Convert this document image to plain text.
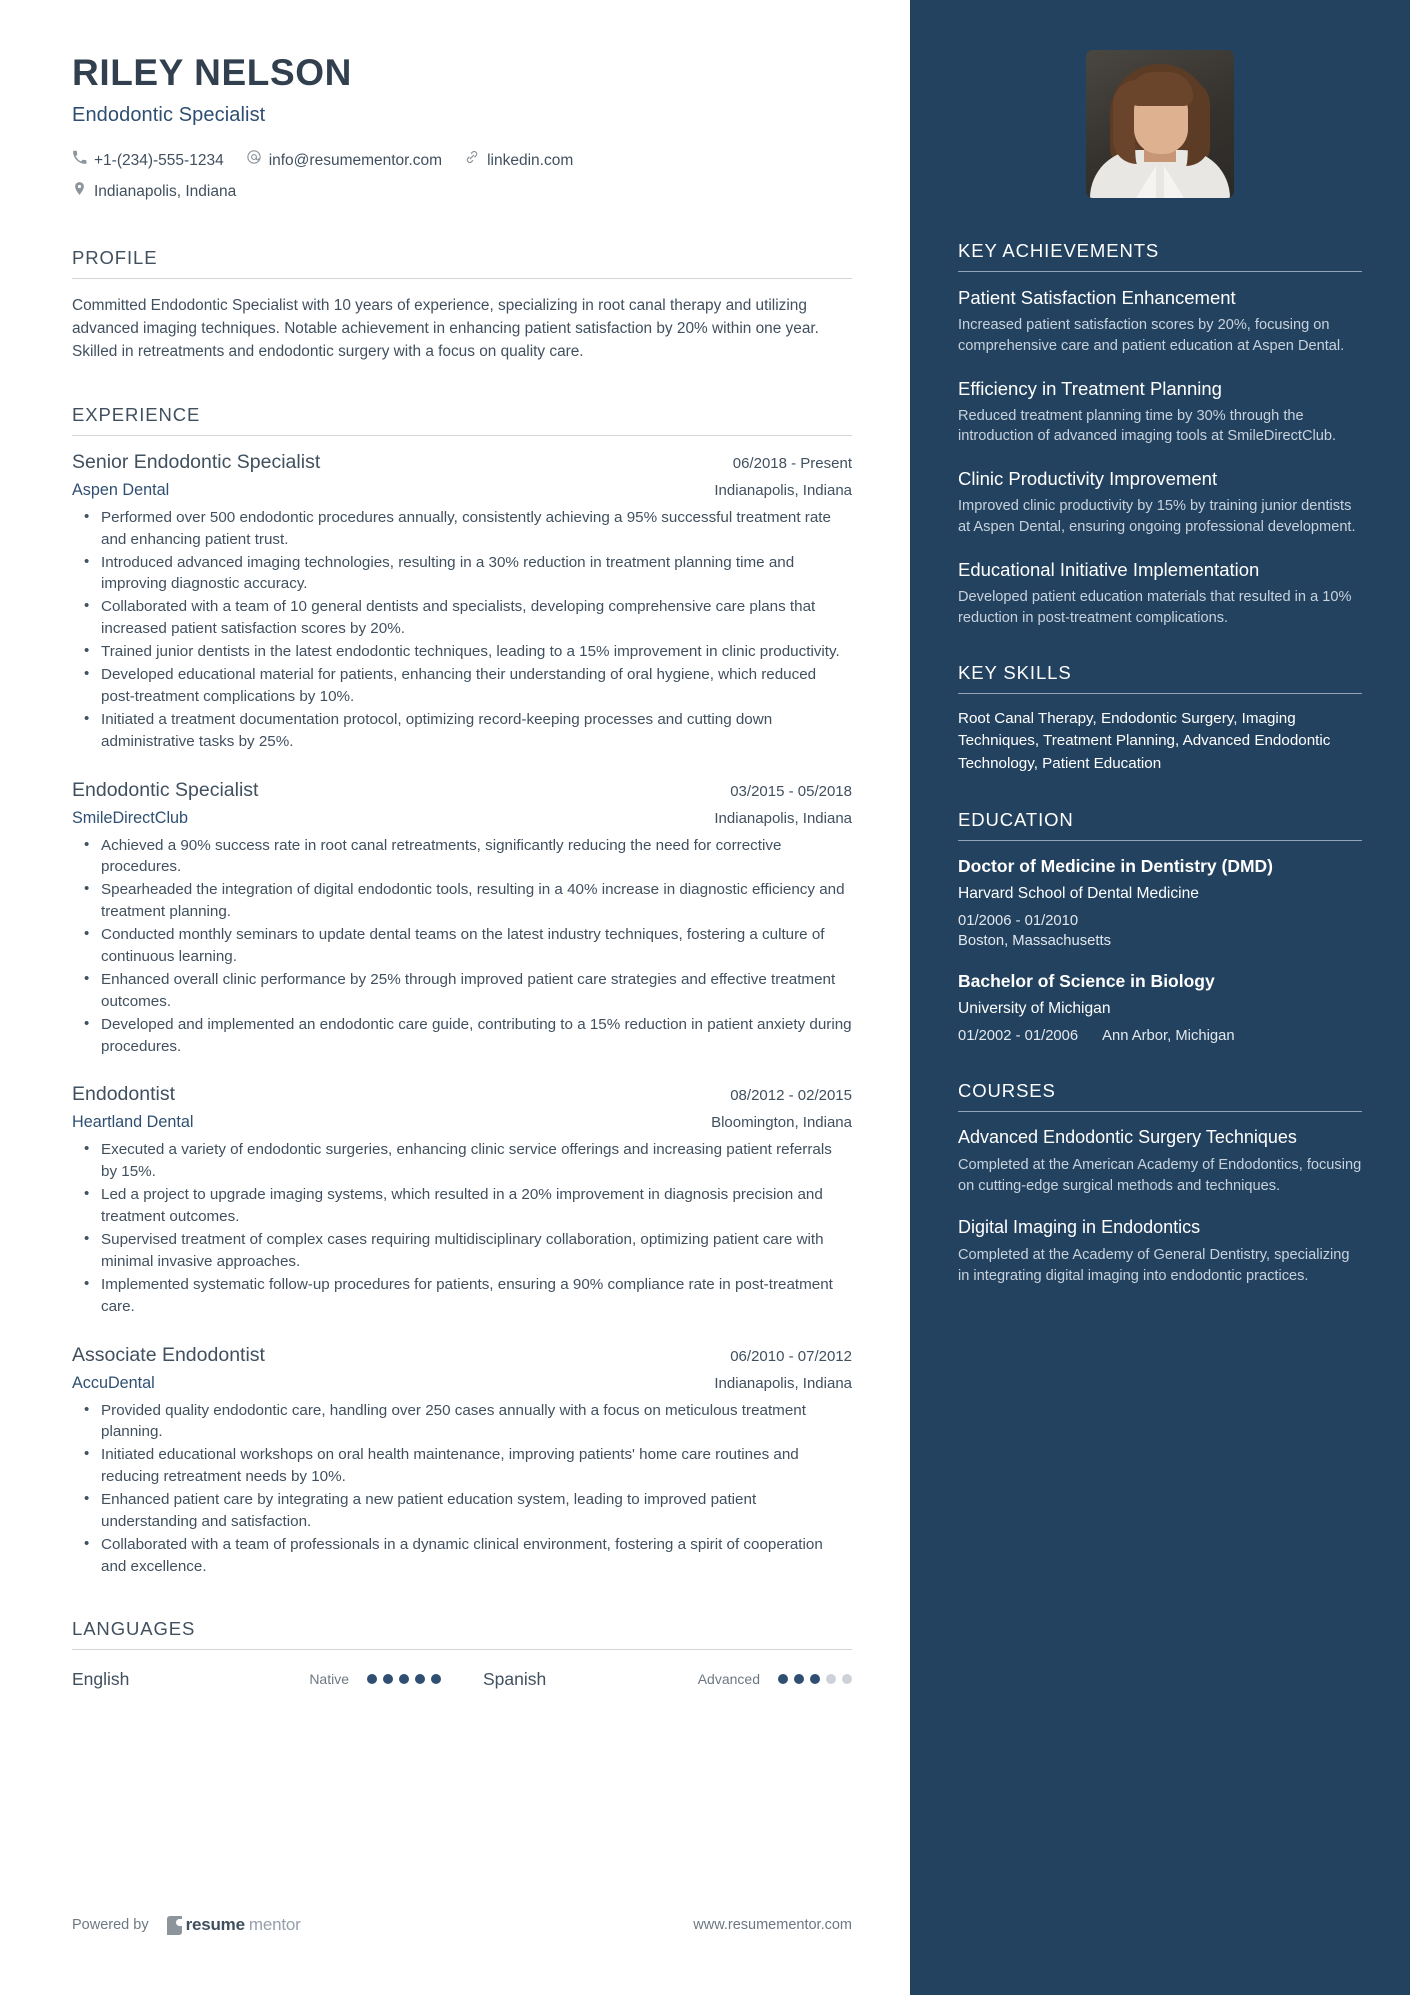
RILEY NELSON
Endodontic Specialist
+1-(234)-555-1234	info@resumementor.com	linkedin.com
Indianapolis, Indiana
PROFILE
Committed Endodontic Specialist with 10 years of experience, specializing in root canal therapy and utilizing advanced imaging techniques. Notable achievement in enhancing patient satisfaction by 20% within one year. Skilled in retreatments and endodontic surgery with a focus on quality care.
EXPERIENCE
Senior Endodontic Specialist	06/2018 - Present
Aspen Dental	Indianapolis, Indiana
• Performed over 500 endodontic procedures annually, consistently achieving a 95% successful treatment rate and enhancing patient trust.
• Introduced advanced imaging technologies, resulting in a 30% reduction in treatment planning time and improving diagnostic accuracy.
• Collaborated with a team of 10 general dentists and specialists, developing comprehensive care plans that increased patient satisfaction scores by 20%.
• Trained junior dentists in the latest endodontic techniques, leading to a 15% improvement in clinic productivity.
• Developed educational material for patients, enhancing their understanding of oral hygiene, which reduced post-treatment complications by 10%.
• Initiated a treatment documentation protocol, optimizing record-keeping processes and cutting down administrative tasks by 25%.
Endodontic Specialist	03/2015 - 05/2018
SmileDirectClub	Indianapolis, Indiana
• Achieved a 90% success rate in root canal retreatments, significantly reducing the need for corrective procedures.
• Spearheaded the integration of digital endodontic tools, resulting in a 40% increase in diagnostic efficiency and treatment planning.
• Conducted monthly seminars to update dental teams on the latest industry techniques, fostering a culture of continuous learning.
• Enhanced overall clinic performance by 25% through improved patient care strategies and effective treatment outcomes.
• Developed and implemented an endodontic care guide, contributing to a 15% reduction in patient anxiety during procedures.
Endodontist	08/2012 - 02/2015
Heartland Dental	Bloomington, Indiana
• Executed a variety of endodontic surgeries, enhancing clinic service offerings and increasing patient referrals by 15%.
• Led a project to upgrade imaging systems, which resulted in a 20% improvement in diagnosis precision and treatment outcomes.
• Supervised treatment of complex cases requiring multidisciplinary collaboration, optimizing patient care with minimal invasive approaches.
• Implemented systematic follow-up procedures for patients, ensuring a 90% compliance rate in post-treatment care.
Associate Endodontist	06/2010 - 07/2012
AccuDental	Indianapolis, Indiana
• Provided quality endodontic care, handling over 250 cases annually with a focus on meticulous treatment planning.
• Initiated educational workshops on oral health maintenance, improving patients' home care routines and reducing retreatment needs by 10%.
• Enhanced patient care by integrating a new patient education system, leading to improved patient understanding and satisfaction.
• Collaborated with a team of professionals in a dynamic clinical environment, fostering a spirit of cooperation and excellence.
LANGUAGES
English	Native	Spanish	Advanced
Powered by resume mentor	www.resumementor.com
KEY ACHIEVEMENTS
Patient Satisfaction Enhancement
Increased patient satisfaction scores by 20%, focusing on comprehensive care and patient education at Aspen Dental.
Efficiency in Treatment Planning
Reduced treatment planning time by 30% through the introduction of advanced imaging tools at SmileDirectClub.
Clinic Productivity Improvement
Improved clinic productivity by 15% by training junior dentists at Aspen Dental, ensuring ongoing professional development.
Educational Initiative Implementation
Developed patient education materials that resulted in a 10% reduction in post-treatment complications.
KEY SKILLS
Root Canal Therapy, Endodontic Surgery, Imaging Techniques, Treatment Planning, Advanced Endodontic Technology, Patient Education
EDUCATION
Doctor of Medicine in Dentistry (DMD)
Harvard School of Dental Medicine
01/2006 - 01/2010
Boston, Massachusetts
Bachelor of Science in Biology
University of Michigan
01/2002 - 01/2006 Ann Arbor, Michigan
COURSES
Advanced Endodontic Surgery Techniques
Completed at the American Academy of Endodontics, focusing on cutting-edge surgical methods and techniques.
Digital Imaging in Endodontics
Completed at the Academy of General Dentistry, specializing in integrating digital imaging into endodontic practices.
